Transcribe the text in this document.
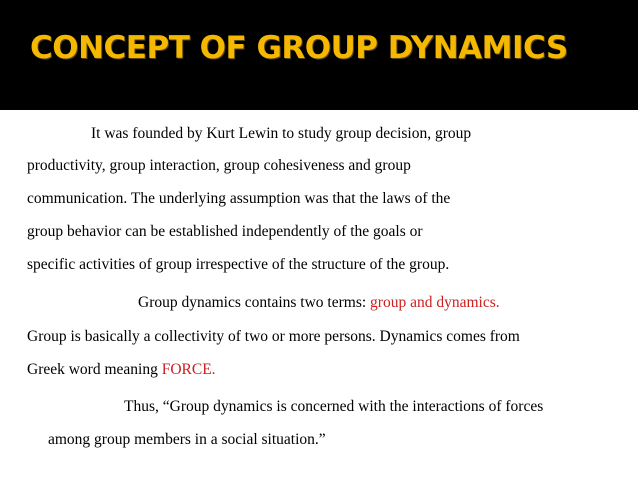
CONCEPT OF GROUP DYNAMICS

It was founded by Kurt Lewin to study group decision, group

productivity, group interaction, group cohesiveness and group

communication. The underlying assumption was that the laws of the

group behavior can be established independently of the goals or

specific activities of group irrespective of the structure of the group.

Group dynamics contains two terms: group and dynamics.

Group is basically a collectivity of two or more persons. Dynamics comes from

Greek word meaning FORCE.

Thus, “Group dynamics is concerned with the interactions of forces

among group members in a social situation.”
